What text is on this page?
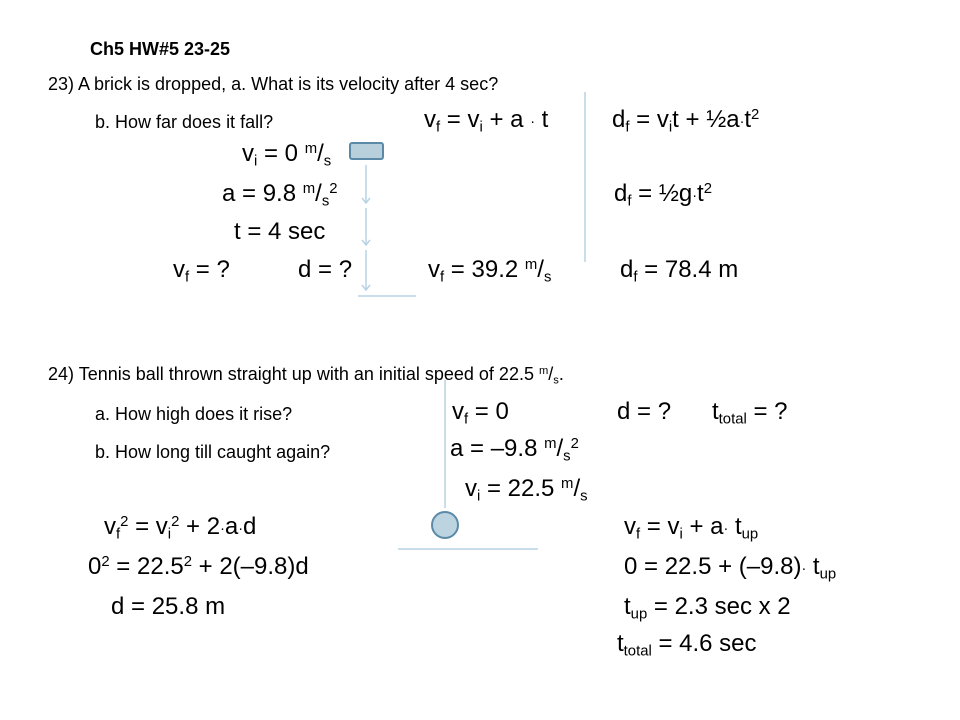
Ch5 HW#5 23-25
23) A brick is dropped, a. What is its velocity after 4 sec?
b. How far does it fall?	$v_f = v_i + a \cdot t$	$d_f = v_it$ + $\frac{1}{2}a\cdot t^2$
$v_i = 0$ $^m/_s$
a = 9.8 $^m/_s^2$	$d_f$ = $\frac{1}{2}g\cdot t^2$
t = 4 sec
$v_f$ = ?	d = ?	$v_f = 39.2$ $^m/_s$	$d_f = 78.4$ m
24) Tennis ball thrown straight up with an initial speed of 22.5 $^m/_s$.
a. How high does it rise?
b. How long till caught again?
$v_f = 0$	d = ? $t_{total}$ = ?
a = –9.8 $^m/_s^2$
$v_i = 22.5$ $^m/_s$
$v_f^2 = v_i^2 + 2\cdot a\cdot d$	$v_f = v_i + a\cdot t_{up}$
$0^2 = 22.5^2 + 2(-9.8)d$	$0 = 22.5 + (-9.8)\cdot t_{up}$
d = 25.8 m	$t_{up} = 2.3$ sec x 2
$t_{total} = 4.6$ sec
